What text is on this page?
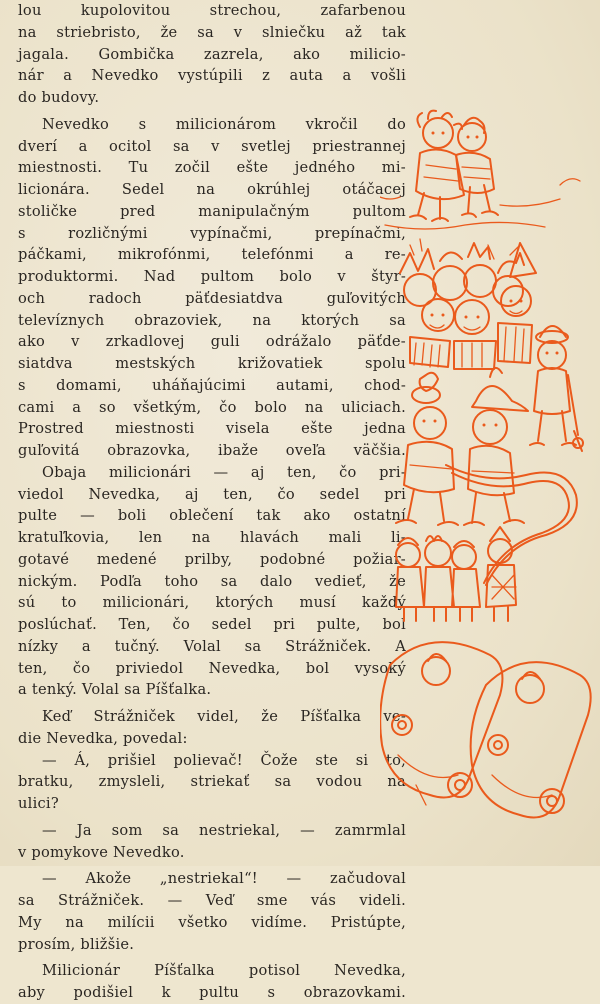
lou kupolovitou strechou, zafarbenou
na striebristo, že sa v slniečku až tak
jagala. Gombička zazrela, ako milicio-
nár a Nevedko vystúpili z auta a vošli
do budovy.
Nevedko s milicionárom vkročil do
dverí a ocitol sa v svetlej priestrannej
miestnosti. Tu zočil ešte jedného mi-
licionára. Sedel na okrúhlej otáčacej
stoličke pred manipulačným pultom
s rozličnými vypínačmi, prepínačmi,
páčkami, mikrofónmi, telefónmi a re-
produktormi. Nad pultom bolo v štyr-
och radoch päťdesiatdva guľovitých
televíznych obrazoviek, na ktorých sa
ako v zrkadlovej guli odrážalo päťde-
siatdva mestských križovatiek spolu
s domami, uháňajúcimi autami, chod-
cami a so všetkým, čo bolo na uliciach.
Prostred miestnosti visela ešte jedna
guľovitá obrazovka, ibaže oveľa väčšia.
Obaja milicionári — aj ten, čo pri-
viedol Nevedka, aj ten, čo sedel pri
pulte — boli oblečení tak ako ostatní
kratuľkovia, len na hlavách mali li-
gotavé medené prilby, podobné požiar-
nickým. Podľa toho sa dalo vedieť, že
sú to milicionári, ktorých musí každý
poslúchať. Ten, čo sedel pri pulte, bol
nízky a tučný. Volal sa Strážniček. A
ten, čo priviedol Nevedka, bol vysoký
a tenký. Volal sa Píšťalka.
Keď Strážniček videl, že Píšťalka ve-
die Nevedka, povedal:
— Á, prišiel polievač! Čože ste si to,
bratku, zmysleli, striekať sa vodou na
ulici?
— Ja som sa nestriekal, — zamrmlal
v pomykove Nevedko.
— Akože „nestriekal“! — začudoval
sa Strážniček. — Veď sme vás videli.
My na milícii všetko vidíme. Pristúpte,
prosím, bližšie.
Milicionár Píšťalka potisol Nevedka,
aby podišiel k pultu s obrazovkami.
